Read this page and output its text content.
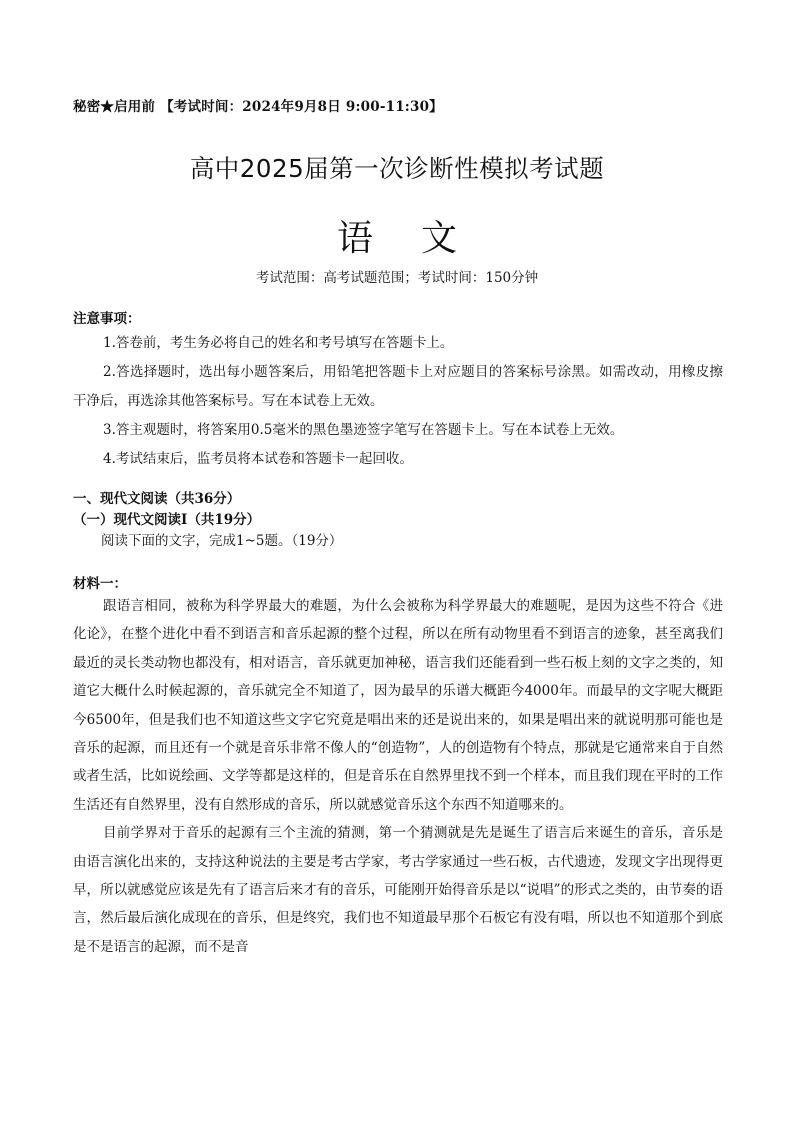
秘密★启用前 【考试时间：2024年9月8日 9:00-11:30】
高中2025届第一次诊断性模拟考试题
语文
考试范围：高考试题范围；考试时间：150分钟
注意事项：

1.答卷前，考生务必将自己的姓名和考号填写在答题卡上。

2.答选择题时，选出每小题答案后，用铅笔把答题卡上对应题目的答案标号涂黑。如需改动，用橡皮擦干净后，再选涂其他答案标号。写在本试卷上无效。

3.答主观题时，将答案用0.5毫米的黑色墨迹签字笔写在答题卡上。写在本试卷上无效。

4.考试结束后，监考员将本试卷和答题卡一起回收。

一、现代文阅读（共36分）
（一）现代文阅读Ⅰ（共19分）
阅读下面的文字，完成1~5题。（19分）
材料一：

跟语言相同，被称为科学界最大的难题，为什么会被称为科学界最大的难题呢，是因为这些不符合《进化论》，在整个进化中看不到语言和音乐起源的整个过程，所以在所有动物里看不到语言的迹象，甚至离我们最近的灵长类动物也都没有，相对语言，音乐就更加神秘，语言我们还能看到一些石板上刻的文字之类的，知道它大概什么时候起源的，音乐就完全不知道了，因为最早的乐谱大概距今4000年。而最早的文字呢大概距今6500年，但是我们也不知道这些文字它究竟是唱出来的还是说出来的，如果是唱出来的就说明那可能也是音乐的起源，而且还有一个就是音乐非常不像人的“创造物”，人的创造物有个特点，那就是它通常来自于自然或者生活，比如说绘画、文学等都是这样的，但是音乐在自然界里找不到一个样本，而且我们现在平时的工作生活还有自然界里，没有自然形成的音乐，所以就感觉音乐这个东西不知道哪来的。

目前学界对于音乐的起源有三个主流的猜测，第一个猜测就是先是诞生了语言后来诞生的音乐，音乐是由语言演化出来的，支持这种说法的主要是考古学家，考古学家通过一些石板，古代遗迹，发现文字出现得更早，所以就感觉应该是先有了语言后来才有的音乐，可能刚开始得音乐是以“说唱”的形式之类的，由节奏的语言，然后最后演化成现在的音乐，但是终究，我们也不知道最早那个石板它有没有唱，所以也不知道那个到底是不是语言的起源，而不是音
